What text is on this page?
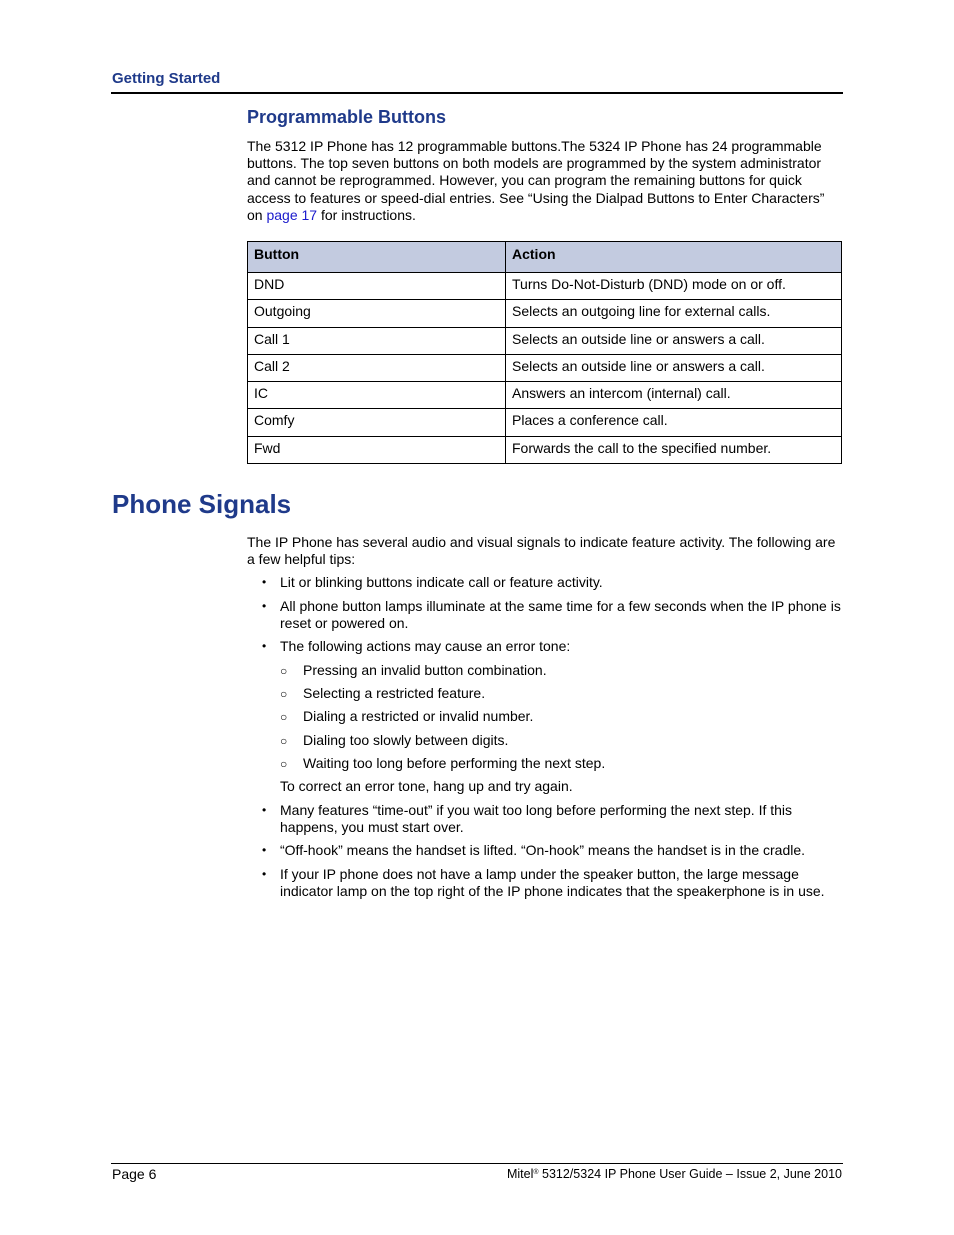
Getting Started
Programmable Buttons
The 5312 IP Phone has 12 programmable buttons.The 5324 IP Phone has 24 programmable buttons. The top seven buttons on both models are programmed by the system administrator and cannot be reprogrammed. However, you can program the remaining buttons for quick access to features or speed-dial entries. See “Using the Dialpad Buttons to Enter Characters” on page 17 for instructions.
Button	Action
DND	Turns Do-Not-Disturb (DND) mode on or off.
Outgoing	Selects an outgoing line for external calls.
Call 1	Selects an outside line or answers a call.
Call 2	Selects an outside line or answers a call.
IC	Answers an intercom (internal) call.
Comfy	Places a conference call.
Fwd	Forwards the call to the specified number.
Phone Signals
The IP Phone has several audio and visual signals to indicate feature activity. The following are a few helpful tips:
• Lit or blinking buttons indicate call or feature activity.
• All phone button lamps illuminate at the same time for a few seconds when the IP phone is reset or powered on.
• The following actions may cause an error tone:
○ Pressing an invalid button combination.
○ Selecting a restricted feature.
○ Dialing a restricted or invalid number.
○ Dialing too slowly between digits.
○ Waiting too long before performing the next step.
To correct an error tone, hang up and try again.
• Many features “time-out” if you wait too long before performing the next step. If this happens, you must start over.
• “Off-hook” means the handset is lifted. “On-hook” means the handset is in the cradle.
• If your IP phone does not have a lamp under the speaker button, the large message indicator lamp on the top right of the IP phone indicates that the speakerphone is in use.
Page 6	Mitel® 5312/5324 IP Phone User Guide – Issue 2, June 2010
